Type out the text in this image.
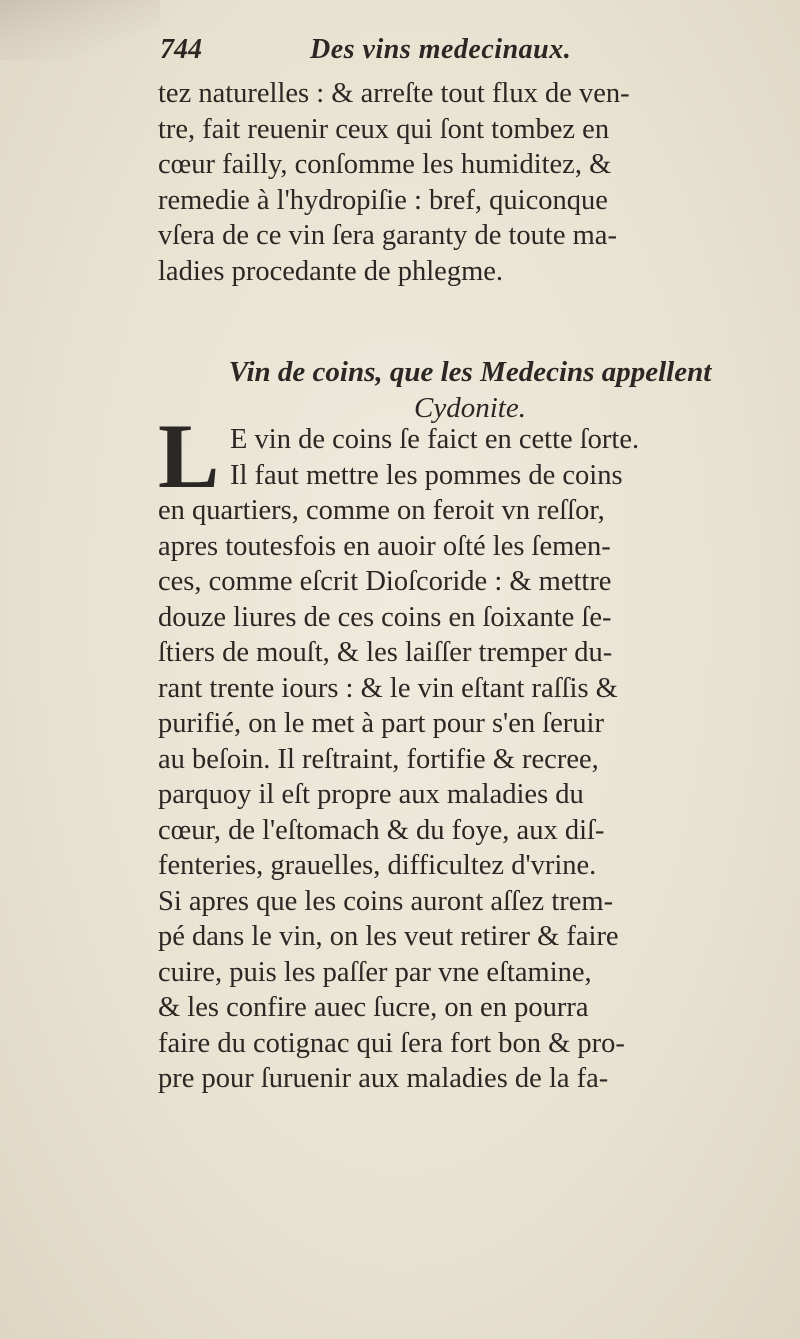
744	Des vins medecinaux.
tez naturelles : & arreſte tout flux de ven-
tre, fait reuenir ceux qui ſont tombez en
cœur failly, conſomme les humiditez, &
remedie à l'hydropiſie : bref, quiconque
vſera de ce vin ſera garanty de toute ma-
ladies procedante de phlegme.
Vin de coins, que les Medecins appellent
Cydonite.
L E vin de coins ſe faict en cette ſorte.
Il faut mettre les pommes de coins
en quartiers, comme on feroit vn reſſor,
apres toutesfois en auoir oſté les ſemen-
ces, comme eſcrit Dioſcoride : & mettre
douze liures de ces coins en ſoixante ſe-
ſtiers de mouſt, & les laiſſer tremper du-
rant trente iours : & le vin eſtant raſſis &
purifié, on le met à part pour s'en ſeruir
au beſoin. Il reſtraint, fortifie & recree,
parquoy il eſt propre aux maladies du
cœur, de l'eſtomach & du foye, aux diſ-
fenteries, grauelles, difficultez d'vrine.
Si apres que les coins auront aſſez trem-
pé dans le vin, on les veut retirer & faire
cuire, puis les paſſer par vne eſtamine,
& les confire auec ſucre, on en pourra
faire du cotignac qui ſera fort bon & pro-
pre pour ſuruenir aux maladies de la fa-
